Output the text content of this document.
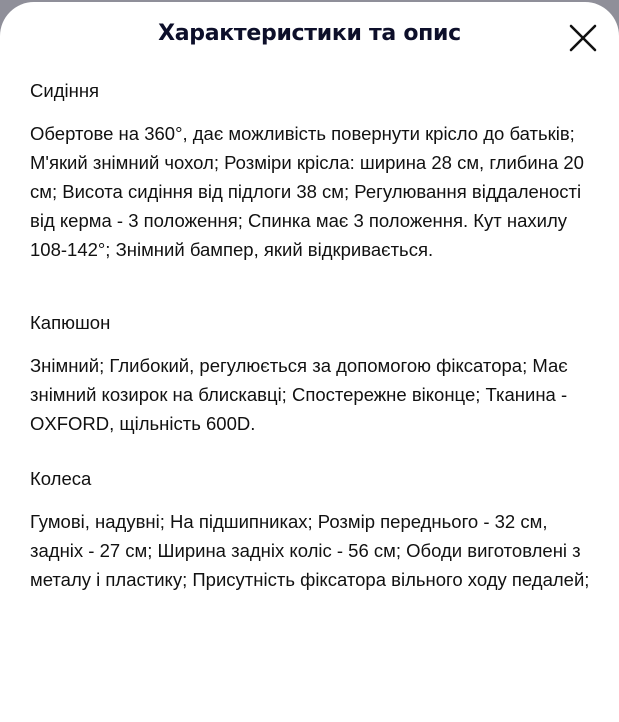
Характеристики та опис
Сидіння
Обертове на 360°, дає можливість повернути крісло до батьків; М'який знімний чохол; Розміри крісла: ширина 28 см, глибина 20 см; Висота сидіння від підлоги 38 см; Регулювання віддаленості від керма - 3 положення; Спинка має 3 положення. Кут нахилу 108-142°; Знімний бампер, який відкривається.
Капюшон
Знімний; Глибокий, регулюється за допомогою фіксатора; Має знімний козирок на блискавці; Спостережне віконце; Тканина - OXFORD, щільність 600D.
Колеса
Гумові, надувні; На підшипниках; Розмір переднього - 32 см, задніх - 27 см; Ширина задніх коліс - 56 см; Ободи виготовлені з металу і пластику; Присутність фіксатора вільного ходу педалей;
